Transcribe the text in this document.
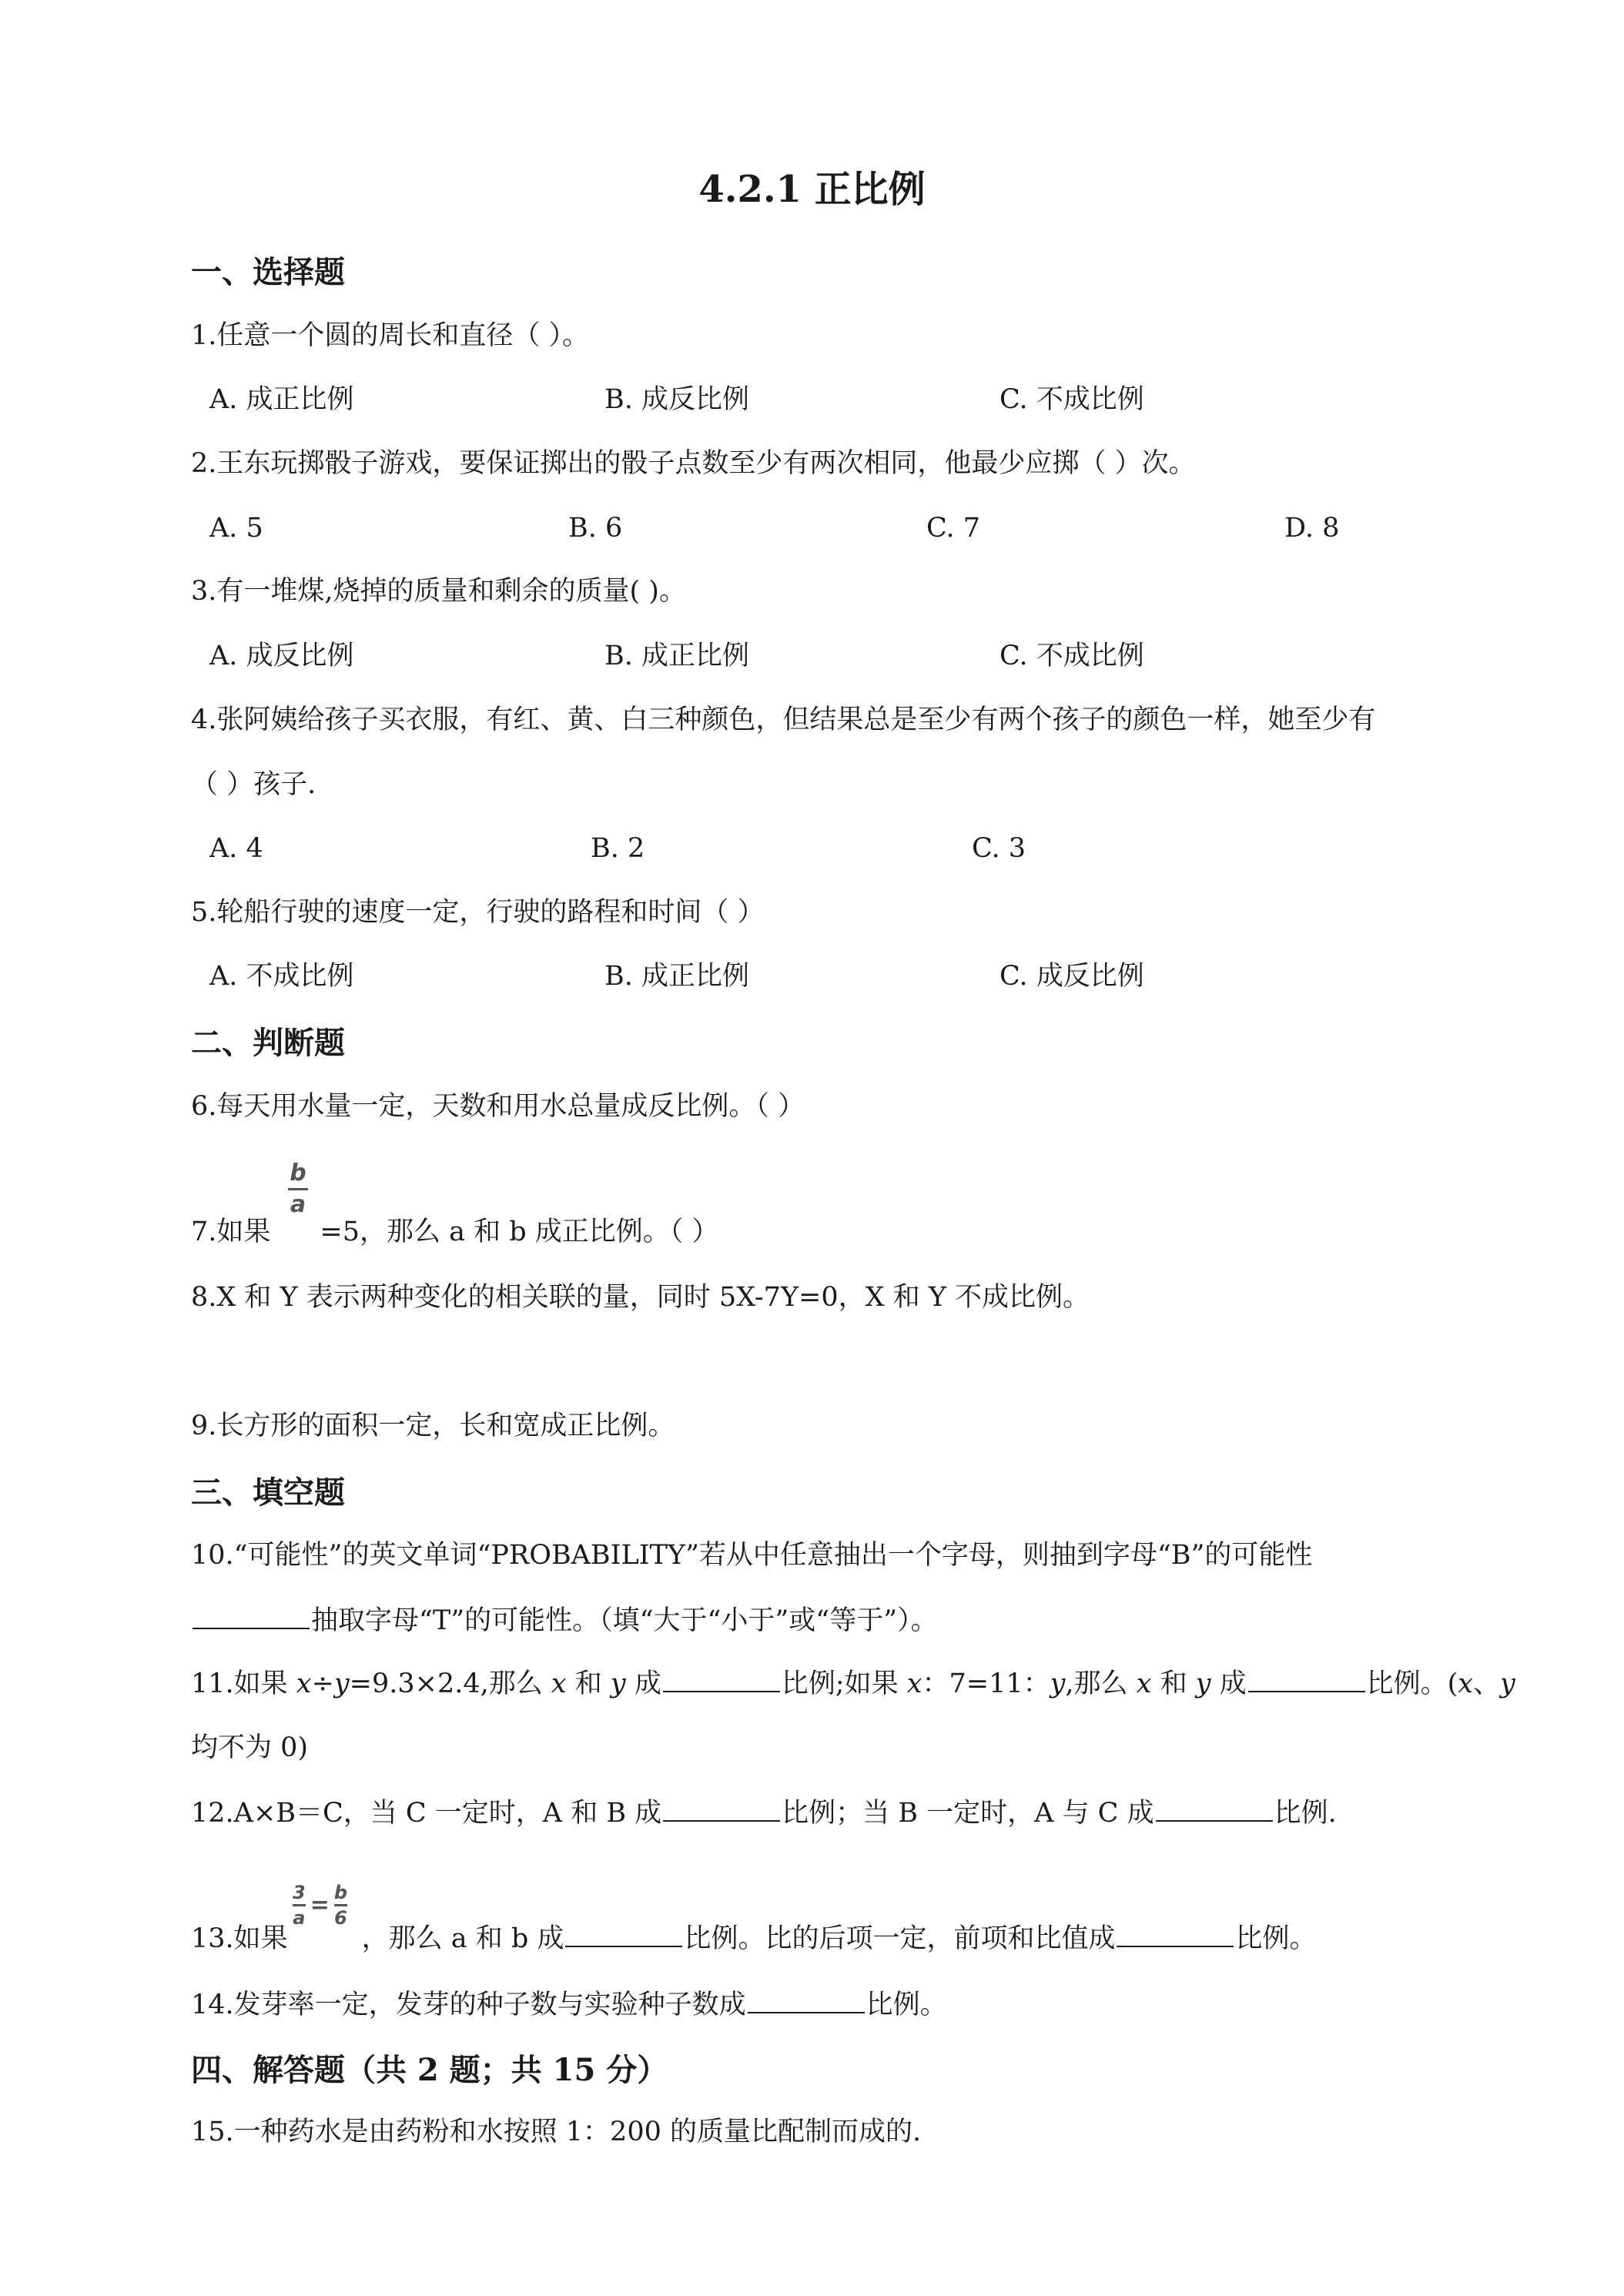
4.2.1 正比例
一、选择题
1.任意一个圆的周长和直径（ ）。
A. 成正比例	B. 成反比例	C. 不成比例
2.王东玩掷骰子游戏，要保证掷出的骰子点数至少有两次相同，他最少应掷（ ）次。
A. 5	B. 6	C. 7	D. 8
3.有一堆煤,烧掉的质量和剩余的质量( )。
A. 成反比例	B. 成正比例	C. 不成比例
4.张阿姨给孩子买衣服，有红、黄、白三种颜色，但结果总是至少有两个孩子的颜色一样，她至少有
（ ）孩子.
A. 4	B. 2	C. 3
5.轮船行驶的速度一定，行驶的路程和时间（ ）
A. 不成比例	B. 成正比例	C. 成反比例
二、判断题
6.每天用水量一定，天数和用水总量成反比例。（ ）
7.如果 =5，那么 a 和 b 成正比例。（ ）
b
a
8.X 和 Y 表示两种变化的相关联的量，同时 5X-7Y=0，X 和 Y 不成比例。
9.长方形的面积一定，长和宽成正比例。
三、填空题
10.“可能性”的英文单词“PROBABILITY”若从中任意抽出一个字母，则抽到字母“B”的可能性
抽取字母“T”的可能性。（填“大于“小于”或“等于”）。
11.如果 x÷y=9.3×2.4,那么 x 和 y 成	比例;如果 x：7=11：y,那么 x 和 y 成	比例。(x、y
均不为 0)
12.A×B＝C，当 C 一定时，A 和 B 成	比例；当 B 一定时，A 与 C 成	比例.
13.如果	，那么 a 和 b 成	比例。比的后项一定，前项和比值成	比例。
$\frac{3}{a} = \frac{b}{6}$
14.发芽率一定，发芽的种子数与实验种子数成	比例。
四、解答题（共 2 题；共 15 分）
15.一种药水是由药粉和水按照 1：200 的质量比配制而成的.
